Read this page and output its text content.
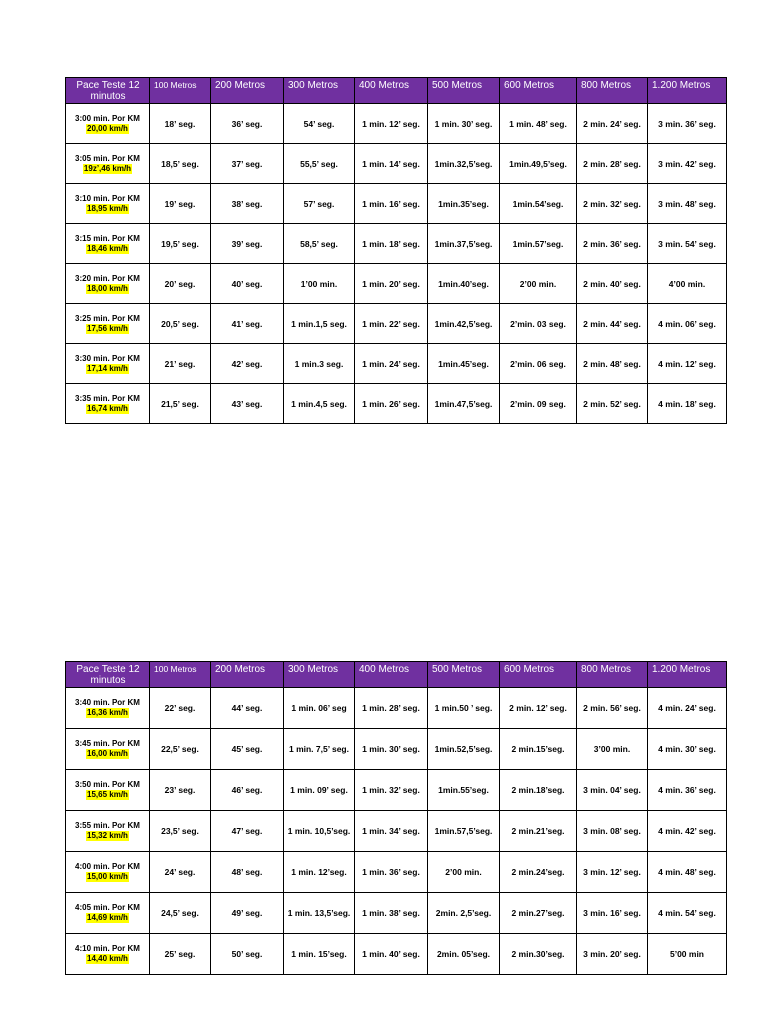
Pace Teste 12 minutos	100 Metros	200 Metros	300 Metros	400 Metros	500 Metros	600 Metros	800 Metros	1.200 Metros

3:00 min. Por KM
20,00 km/h	18’ seg.	36’ seg.	54’ seg.	1 min. 12’ seg.	1 min. 30’ seg.	1 min. 48’ seg.	2 min. 24’ seg.	3 min. 36’ seg.

3:05 min. Por KM
19z’,46 km/h	18,5’ seg.	37’ seg.	55,5’ seg.	1 min. 14’ seg.	1min.32,5’seg.	1min.49,5’seg.	2 min. 28’ seg.	3 min. 42’ seg.

3:10 min. Por KM
18,95 km/h	19’ seg.	38’ seg.	57’ seg.	1 min. 16’ seg.	1min.35’seg.	1min.54’seg.	2 min. 32’ seg.	3 min. 48’ seg.

3:15 min. Por KM
18,46 km/h	19,5’ seg.	39’ seg.	58,5’ seg.	1 min. 18’ seg.	1min.37,5’seg.	1min.57’seg.	2 min. 36’ seg.	3 min. 54’ seg.

3:20 min. Por KM
18,00 km/h	20’ seg.	40’ seg.	1’00 min.	1 min. 20’ seg.	1min.40’seg.	2’00 min.	2 min. 40’ seg.	4’00 min.

3:25 min. Por KM
17,56 km/h	20,5’ seg.	41’ seg.	1 min.1,5 seg.	1 min. 22’ seg.	1min.42,5’seg.	2’min. 03 seg.	2 min. 44’ seg.	4 min. 06’ seg.

3:30 min. Por KM
17,14 km/h	21’ seg.	42’ seg.	1 min.3 seg.	1 min. 24’ seg.	1min.45’seg.	2’min. 06 seg.	2 min. 48’ seg.	4 min. 12’ seg.

3:35 min. Por KM
16,74 km/h	21,5’ seg.	43’ seg.	1 min.4,5 seg.	1 min. 26’ seg.	1min.47,5’seg.	2’min. 09 seg.	2 min. 52’ seg.	4 min. 18’ seg.
Pace Teste 12 minutos	100 Metros	200 Metros	300 Metros	400 Metros	500 Metros	600 Metros	800 Metros	1.200 Metros

3:40 min. Por KM
16,36 km/h	22’ seg.	44’ seg.	1 min. 06’ seg	1 min. 28’ seg.	1 min.50 ’ seg.	2 min. 12’ seg.	2 min. 56’ seg.	4 min. 24’ seg.

3:45 min. Por KM
16,00 km/h	22,5’ seg.	45’ seg.	1 min. 7,5’ seg.	1 min. 30’ seg.	1min.52,5’seg.	2 min.15’seg.	3’00 min.	4 min. 30’ seg.

3:50 min. Por KM
15,65 km/h	23’ seg.	46’ seg.	1 min. 09’ seg.	1 min. 32’ seg.	1min.55’seg.	2 min.18’seg.	3 min. 04’ seg.	4 min. 36’ seg.

3:55 min. Por KM
15,32 km/h	23,5’ seg.	47’ seg.	1 min. 10,5’seg.	1 min. 34’ seg.	1min.57,5’seg.	2 min.21’seg.	3 min. 08’ seg.	4 min. 42’ seg.

4:00 min. Por KM
15,00 km/h	24’ seg.	48’ seg.	1 min. 12’seg.	1 min. 36’ seg.	2’00 min.	2 min.24’seg.	3 min. 12’ seg.	4 min. 48’ seg.

4:05 min. Por KM
14,69 km/h	24,5’ seg.	49’ seg.	1 min. 13,5’seg.	1 min. 38’ seg.	2min. 2,5’seg.	2 min.27’seg.	3 min. 16’ seg.	4 min. 54’ seg.

4:10 min. Por KM
14,40 km/h	25’ seg.	50’ seg.	1 min. 15’seg.	1 min. 40’ seg.	2min. 05’seg.	2 min.30’seg.	3 min. 20’ seg.	5’00 min
